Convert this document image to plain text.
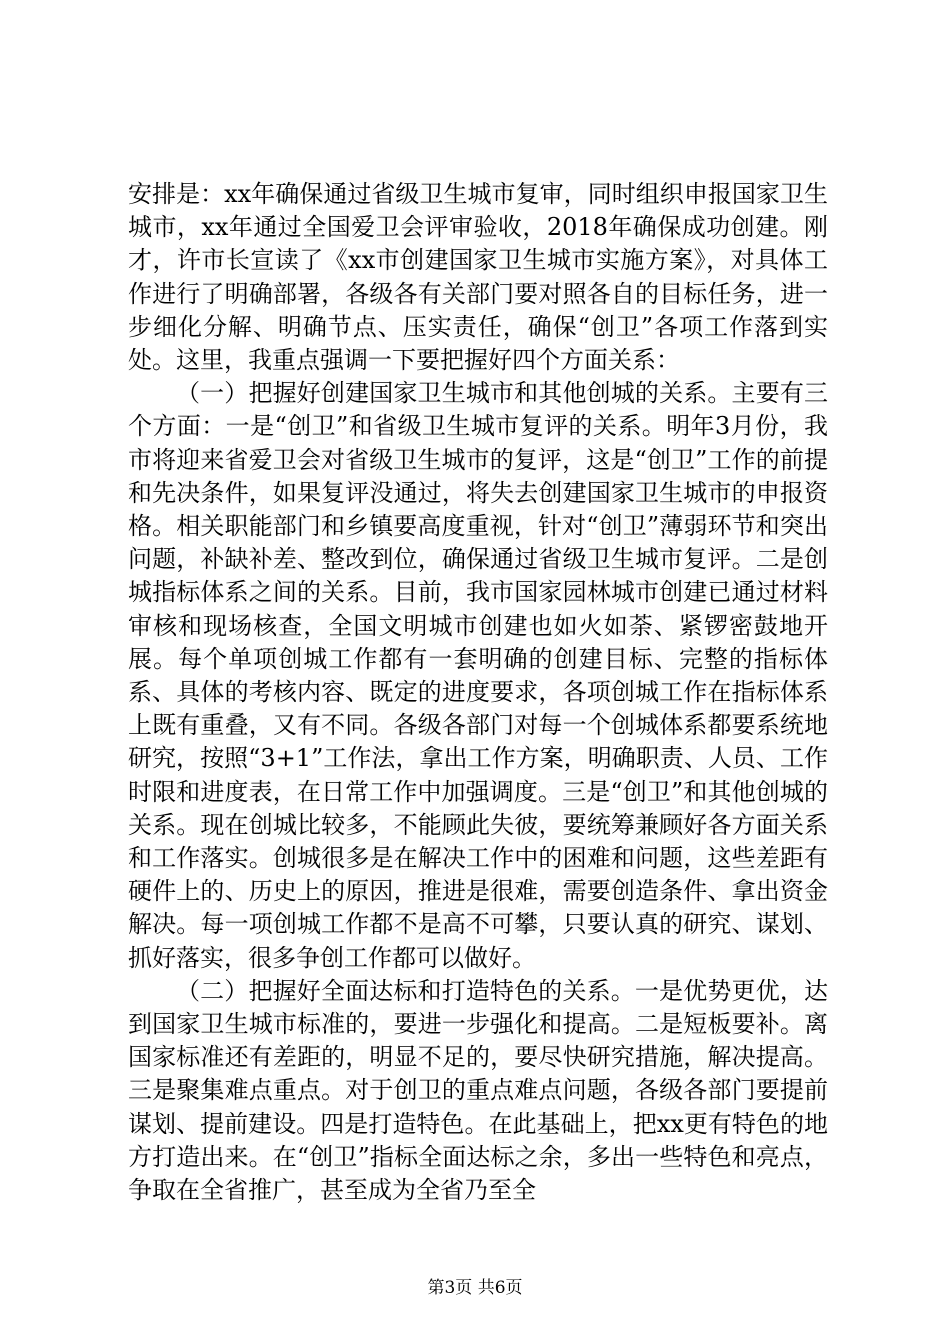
安排是：xx年确保通过省级卫生城市复审，同时组织申报国家卫生城市，xx年通过全国爱卫会评审验收，2018年确保成功创建。刚才，许市长宣读了《xx市创建国家卫生城市实施方案》，对具体工作进行了明确部署，各级各有关部门要对照各自的目标任务，进一步细化分解、明确节点、压实责任，确保“创卫”各项工作落到实处。这里，我重点强调一下要把握好四个方面关系：

（一）把握好创建国家卫生城市和其他创城的关系。主要有三个方面：一是“创卫”和省级卫生城市复评的关系。明年3月份，我市将迎来省爱卫会对省级卫生城市的复评，这是“创卫”工作的前提和先决条件，如果复评没通过，将失去创建国家卫生城市的申报资格。相关职能部门和乡镇要高度重视，针对“创卫”薄弱环节和突出问题，补缺补差、整改到位，确保通过省级卫生城市复评。二是创城指标体系之间的关系。目前，我市国家园林城市创建已通过材料审核和现场核查，全国文明城市创建也如火如荼、紧锣密鼓地开展。每个单项创城工作都有一套明确的创建目标、完整的指标体系、具体的考核内容、既定的进度要求，各项创城工作在指标体系上既有重叠，又有不同。各级各部门对每一个创城体系都要系统地研究，按照“3+1”工作法，拿出工作方案，明确职责、人员、工作时限和进度表，在日常工作中加强调度。三是“创卫”和其他创城的关系。现在创城比较多，不能顾此失彼，要统筹兼顾好各方面关系和工作落实。创城很多是在解决工作中的困难和问题，这些差距有硬件上的、历史上的原因，推进是很难，需要创造条件、拿出资金解决。每一项创城工作都不是高不可攀，只要认真的研究、谋划、抓好落实，很多争创工作都可以做好。

（二）把握好全面达标和打造特色的关系。一是优势更优，达到国家卫生城市标准的，要进一步强化和提高。二是短板要补。离国家标准还有差距的，明显不足的，要尽快研究措施，解决提高。三是聚集难点重点。对于创卫的重点难点问题，各级各部门要提前谋划、提前建设。四是打造特色。在此基础上，把xx更有特色的地方打造出来。在“创卫”指标全面达标之余，多出一些特色和亮点，争取在全省推广，甚至成为全省乃至全

第3页 共6页
